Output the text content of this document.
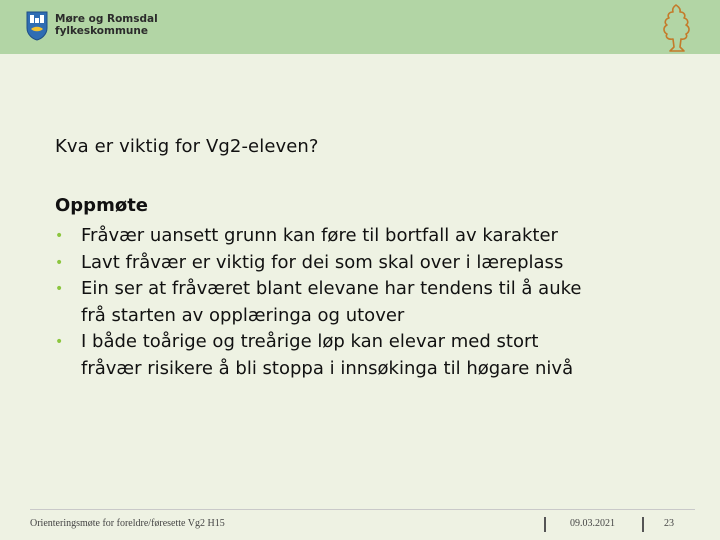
Møre og Romsdal
fylkeskommune
Kva er viktig for Vg2-eleven?
Oppmøte
• Fråvær uansett grunn kan føre til bortfall av karakter
• Lavt fråvær er viktig for dei som skal over i læreplass
• Ein ser at fråværet blant elevane har tendens til å auke
frå starten av opplæringa og utover
• I både toårige og treårige løp kan elevar med stort
fråvær risikere å bli stoppa i innsøkinga til høgare nivå
Orienteringsmøte for foreldre/føresette Vg2 H15	09.03.2021	23
